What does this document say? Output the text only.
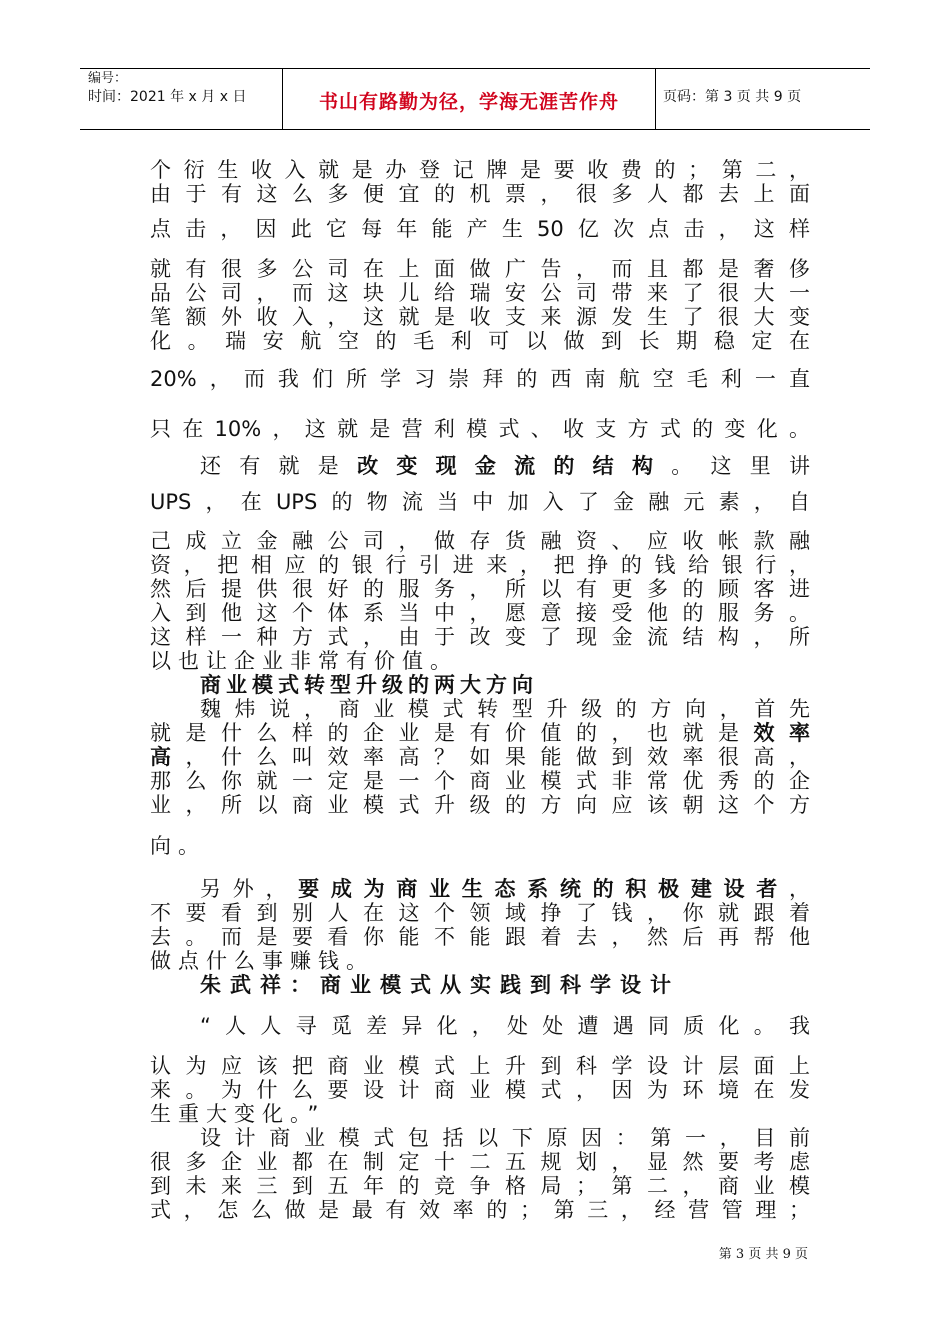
编号：
时间：2021 年 x 月 x 日	书山有路勤为径，学海无涯苦作舟	页码：第 3 页 共 9 页
个衍生收入就是办登记牌是要收费的；第二，
由于有这么多便宜的机票，很多人都去上面
点击，因此它每年能产生50亿次点击，这样
就有很多公司在上面做广告，而且都是奢侈
品公司，而这块儿给瑞安公司带来了很大一
笔额外收入，这就是收支来源发生了很大变
化。瑞安航空的毛利可以做到长期稳定在
20%，而我们所学习崇拜的西南航空毛利一直
只在10%，这就是营利模式、收支方式的变化。
还有就是改变现金流的结构。这里讲
UPS，在UPS的物流当中加入了金融元素，自
己成立金融公司，做存货融资、应收帐款融
资，把相应的银行引进来，把挣的钱给银行，
然后提供很好的服务，所以有更多的顾客进
入到他这个体系当中，愿意接受他的服务。
这样一种方式，由于改变了现金流结构，所
以也让企业非常有价值。
商业模式转型升级的两大方向
魏炜说，商业模式转型升级的方向，首先
就是什么样的企业是有价值的，也就是效率
高，什么叫效率高？如果能做到效率很高，
那么你就一定是一个商业模式非常优秀的企
业，所以商业模式升级的方向应该朝这个方
向。
另外，要成为商业生态系统的积极建设者，
不要看到别人在这个领域挣了钱，你就跟着
去。而是要看你能不能跟着去，然后再帮他
做点什么事赚钱。
朱武祥：商业模式从实践到科学设计
“人人寻觅差异化，处处遭遇同质化。我
认为应该把商业模式上升到科学设计层面上
来。为什么要设计商业模式，因为环境在发
生重大变化。”
设计商业模式包括以下原因：第一，目前
很多企业都在制定十二五规划，显然要考虑
到未来三到五年的竞争格局；第二，商业模
式，怎么做是最有效率的；第三，经营管理；
第 3 页 共 9 页
